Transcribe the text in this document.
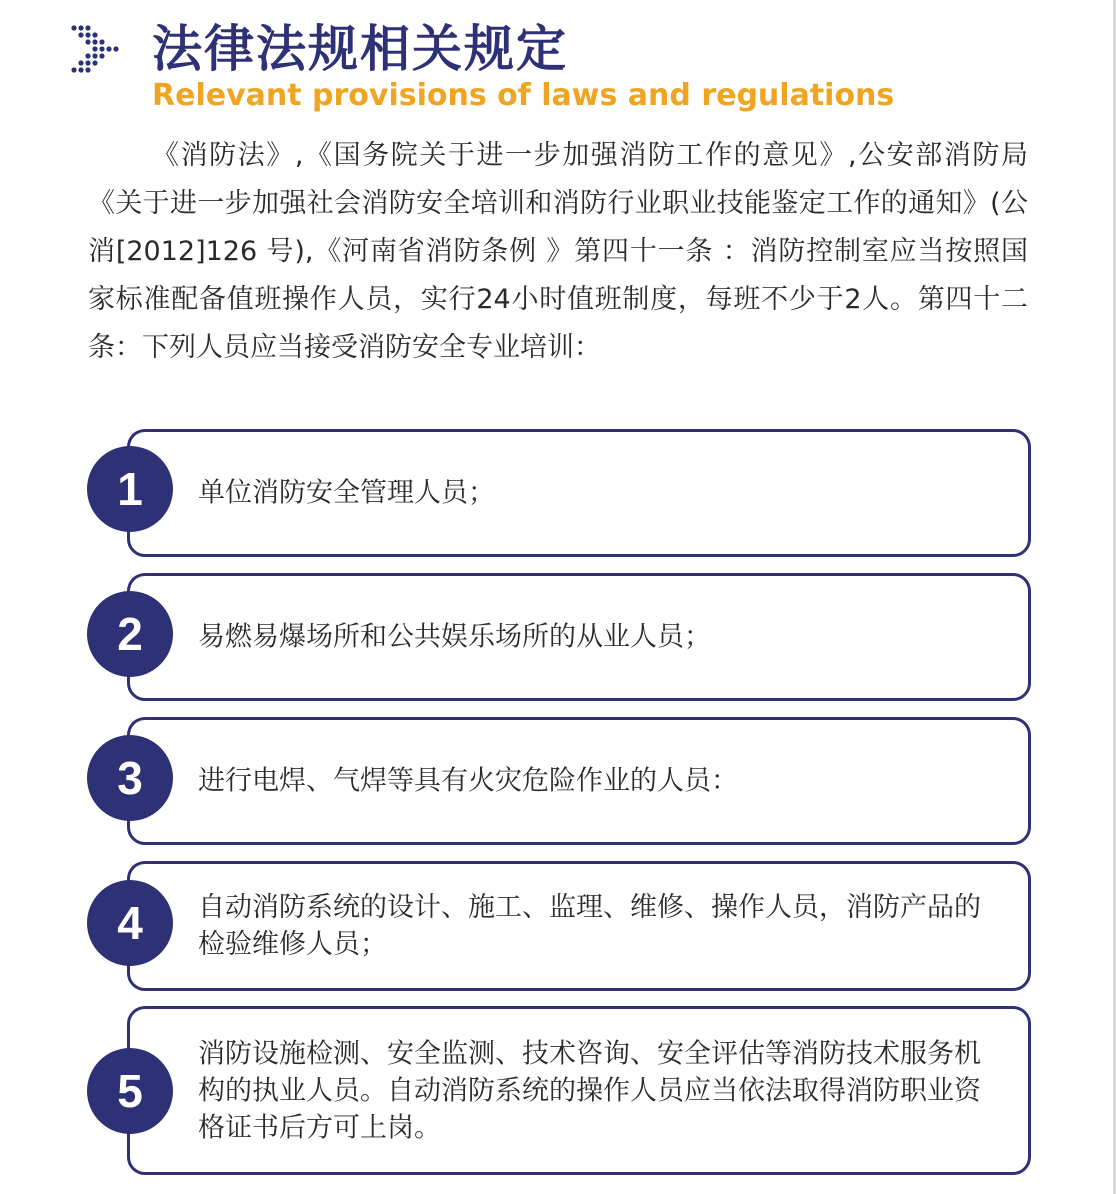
法律法规相关规定
Relevant provisions of laws and regulations
《消防法》,《国务院关于进一步加强消防工作的意见》,公安部消防局《关于进一步加强社会消防安全培训和消防行业职业技能鉴定工作的通知》(公消[2012]126 号),《河南省消防条例 》第四十一条 ：消防控制室应当按照国家标准配备值班操作人员，实行24小时值班制度，每班不少于2人。第四十二条：下列人员应当接受消防安全专业培训：
单位消防安全管理人员；
1
易燃易爆场所和公共娱乐场所的从业人员；
2
进行电焊、气焊等具有火灾危险作业的人员：
3
自动消防系统的设计、施工、监理、维修、操作人员，消防产品的检验维修人员；
4
消防设施检测、安全监测、技术咨询、安全评估等消防技术服务机构的执业人员。自动消防系统的操作人员应当依法取得消防职业资格证书后方可上岗。
5
